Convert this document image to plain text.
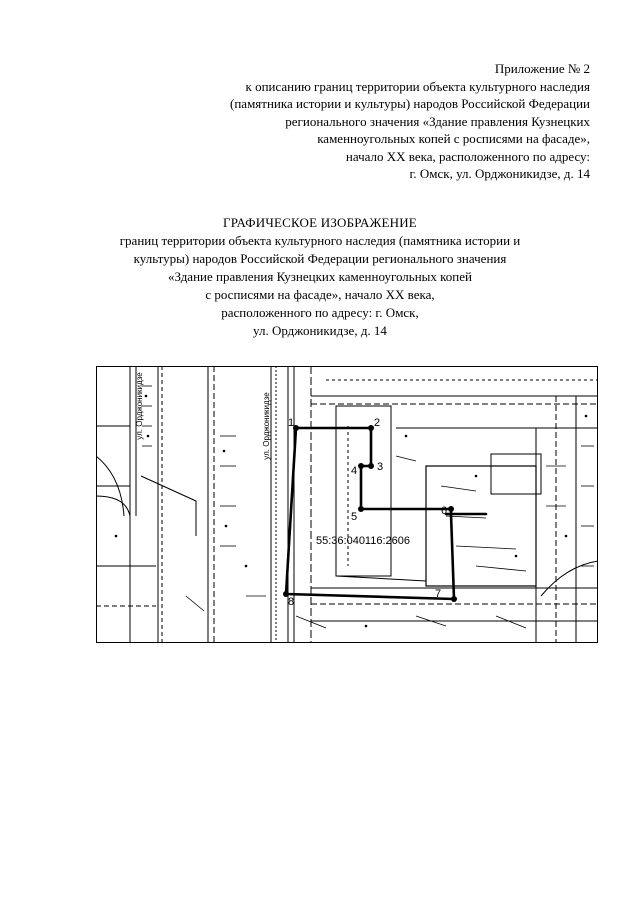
Приложение № 2
к описанию границ территории объекта культурного наследия
(памятника истории и культуры) народов Российской Федерации
регионального значения «Здание правления Кузнецких
каменноугольных копей с росписями на фасаде»,
начало ХХ века, расположенного по адресу:
г. Омск, ул. Орджоникидзе, д. 14
ГРАФИЧЕСКОЕ ИЗОБРАЖЕНИЕ
границ территории объекта культурного наследия (памятника истории и
культуры) народов Российской Федерации регионального значения
«Здание правления Кузнецких каменноугольных копей
с росписями на фасаде», начало ХХ века,
расположенного по адресу: г. Омск,
ул. Орджоникидзе, д. 14
ул. Орджоникидзе	ул. Орджоникидзе 1	2
3
4
5	6
7
8
55:36:040116:2606
